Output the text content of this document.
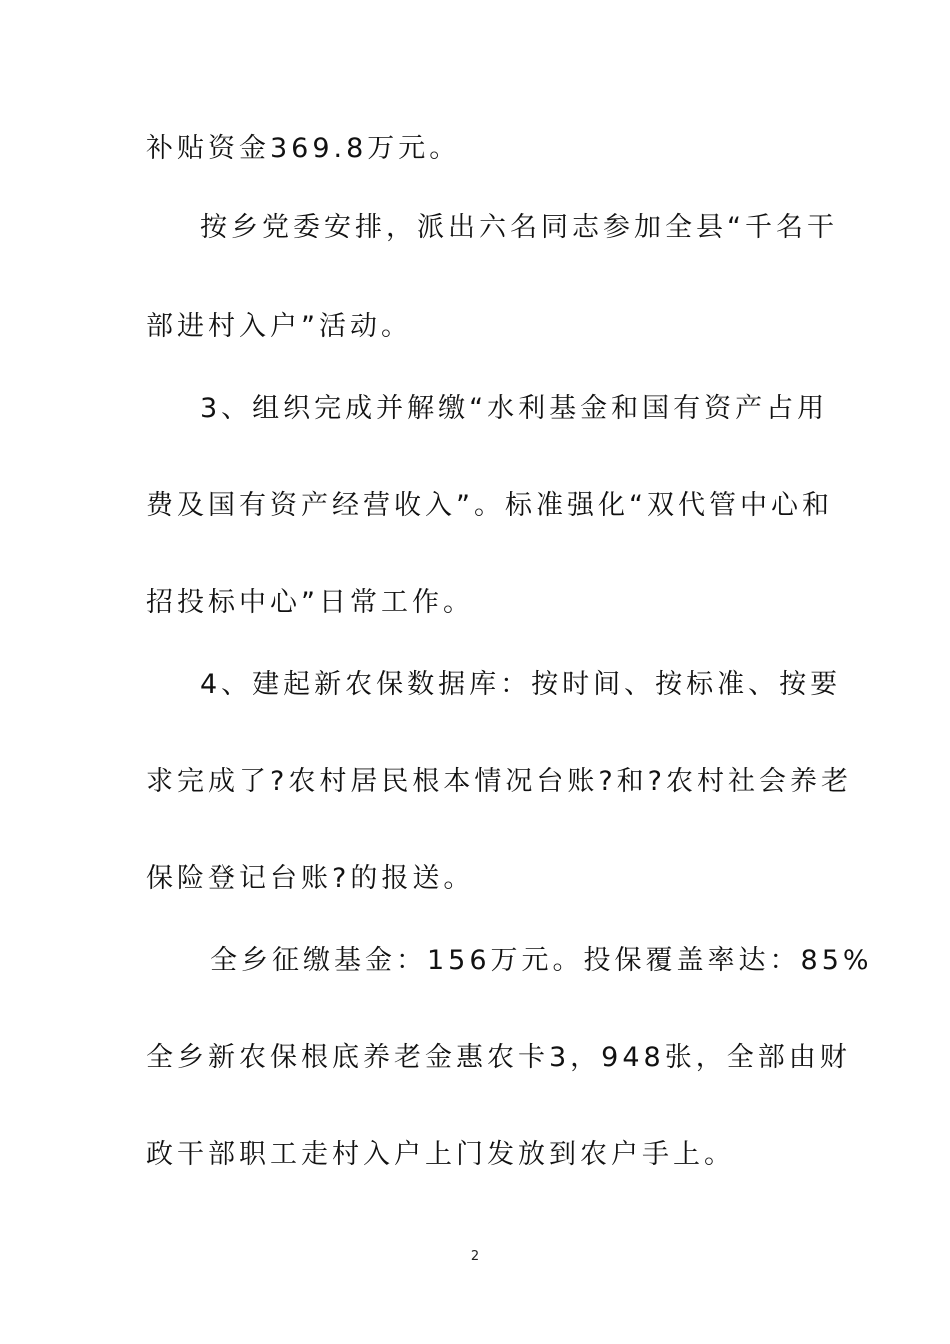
补贴资金369.8万元。
按乡党委安排，派出六名同志参加全县“千名干
部进村入户”活动。
3、组织完成并解缴“水利基金和国有资产占用
费及国有资产经营收入”。标准强化“双代管中心和
招投标中心”日常工作。
4、建起新农保数据库：按时间、按标准、按要
求完成了?农村居民根本情况台账?和?农村社会养老
保险登记台账?的报送。
全乡征缴基金：156万元。投保覆盖率达：85%
全乡新农保根底养老金惠农卡3，948张，全部由财
政干部职工走村入户上门发放到农户手上。
2
